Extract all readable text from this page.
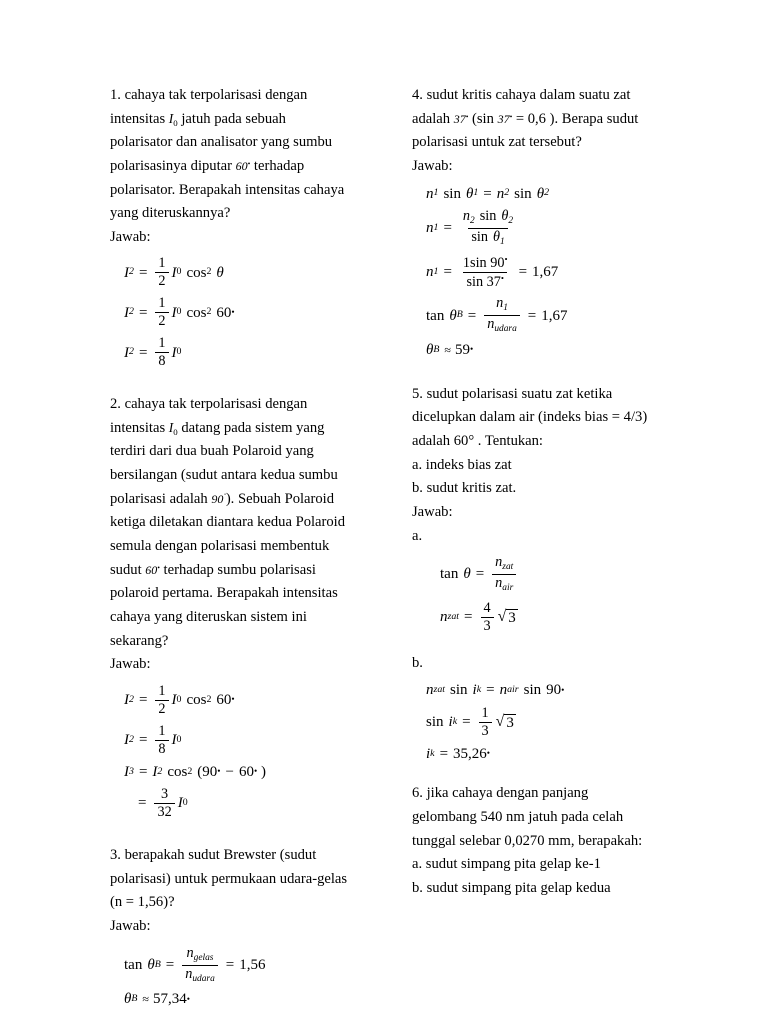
1. cahaya tak terpolarisasi dengan
intensitas $I_0$ jatuh pada sebuah
polarisator dan analisator yang sumbu
polarisasinya diputar 60• terhadap
polarisator. Berapakah intensitas cahaya
yang diteruskannya?

Jawab:

I $2 = \frac{1}{2}$ I 0 cos 2 θ
I $2 = \frac{1}{2}$ I 0 cos 2 60 •
I $2 = \frac{1}{8}$ I 0

2. cahaya tak terpolarisasi dengan
intensitas $I_0$ datang pada sistem yang
terdiri dari dua buah Polaroid yang
bersilangan (sudut antara kedua sumbu
polarisasi adalah 90˚). Sebuah Polaroid
ketiga diletakan diantara kedua Polaroid
semula dengan polarisasi membentuk
sudut 60• terhadap sumbu polarisasi
polaroid pertama. Berapakah intensitas
cahaya yang diteruskan sistem ini
sekarang?

Jawab:

I $2 = \frac{1}{2}$ I 0 cos 2 60 •
I $2 = \frac{1}{8}$ I 0
I 3 = I 2 cos 2 (90 • − 60 • )
= $\frac{3}{32}$ I 0

3. berapakah sudut Brewster (sudut
polarisasi) untuk permukaan udara-gelas
(n = 1,56)?

Jawab:

tan θ $B = \frac{n_{gelas}}{n_{udara}} = 1,56$
θ B ≈ 57,34 •

4. sudut kritis cahaya dalam suatu zat
adalah 37• (sin 37• = 0,6 ). Berapa sudut
polarisasi untuk zat tersebut?

Jawab:

n 1 sin θ 1 = n 2 sin θ 2
n $1 = \frac{n_2 \sin \theta_2}{\sin \theta_1}$
n $1 = \frac{1\sin 90^•}{\sin 37^•} = 1,67$
tan θ $B = \frac{n_1}{n_{udara}} = 1,67$
θ B ≈ 59 •

5. sudut polarisasi suatu zat ketika
dicelupkan dalam air (indeks bias = 4/3)
adalah 60° . Tentukan:
a. indeks bias zat
b. sudut kritis zat.

Jawab:

a.

$\tan \theta = \frac{n_{zat}}{n_{air}}$
n zat = $\frac{4}{3}$ √ 3

b.

n zat sin i k = n air sin 90 •
sin i $k = \frac{1}{3}$ √ 3
i k = 35,26 •

6. jika cahaya dengan panjang
gelombang 540 nm jatuh pada celah
tunggal selebar 0,0270 mm, berapakah:
a. sudut simpang pita gelap ke-1
b. sudut simpang pita gelap kedua
